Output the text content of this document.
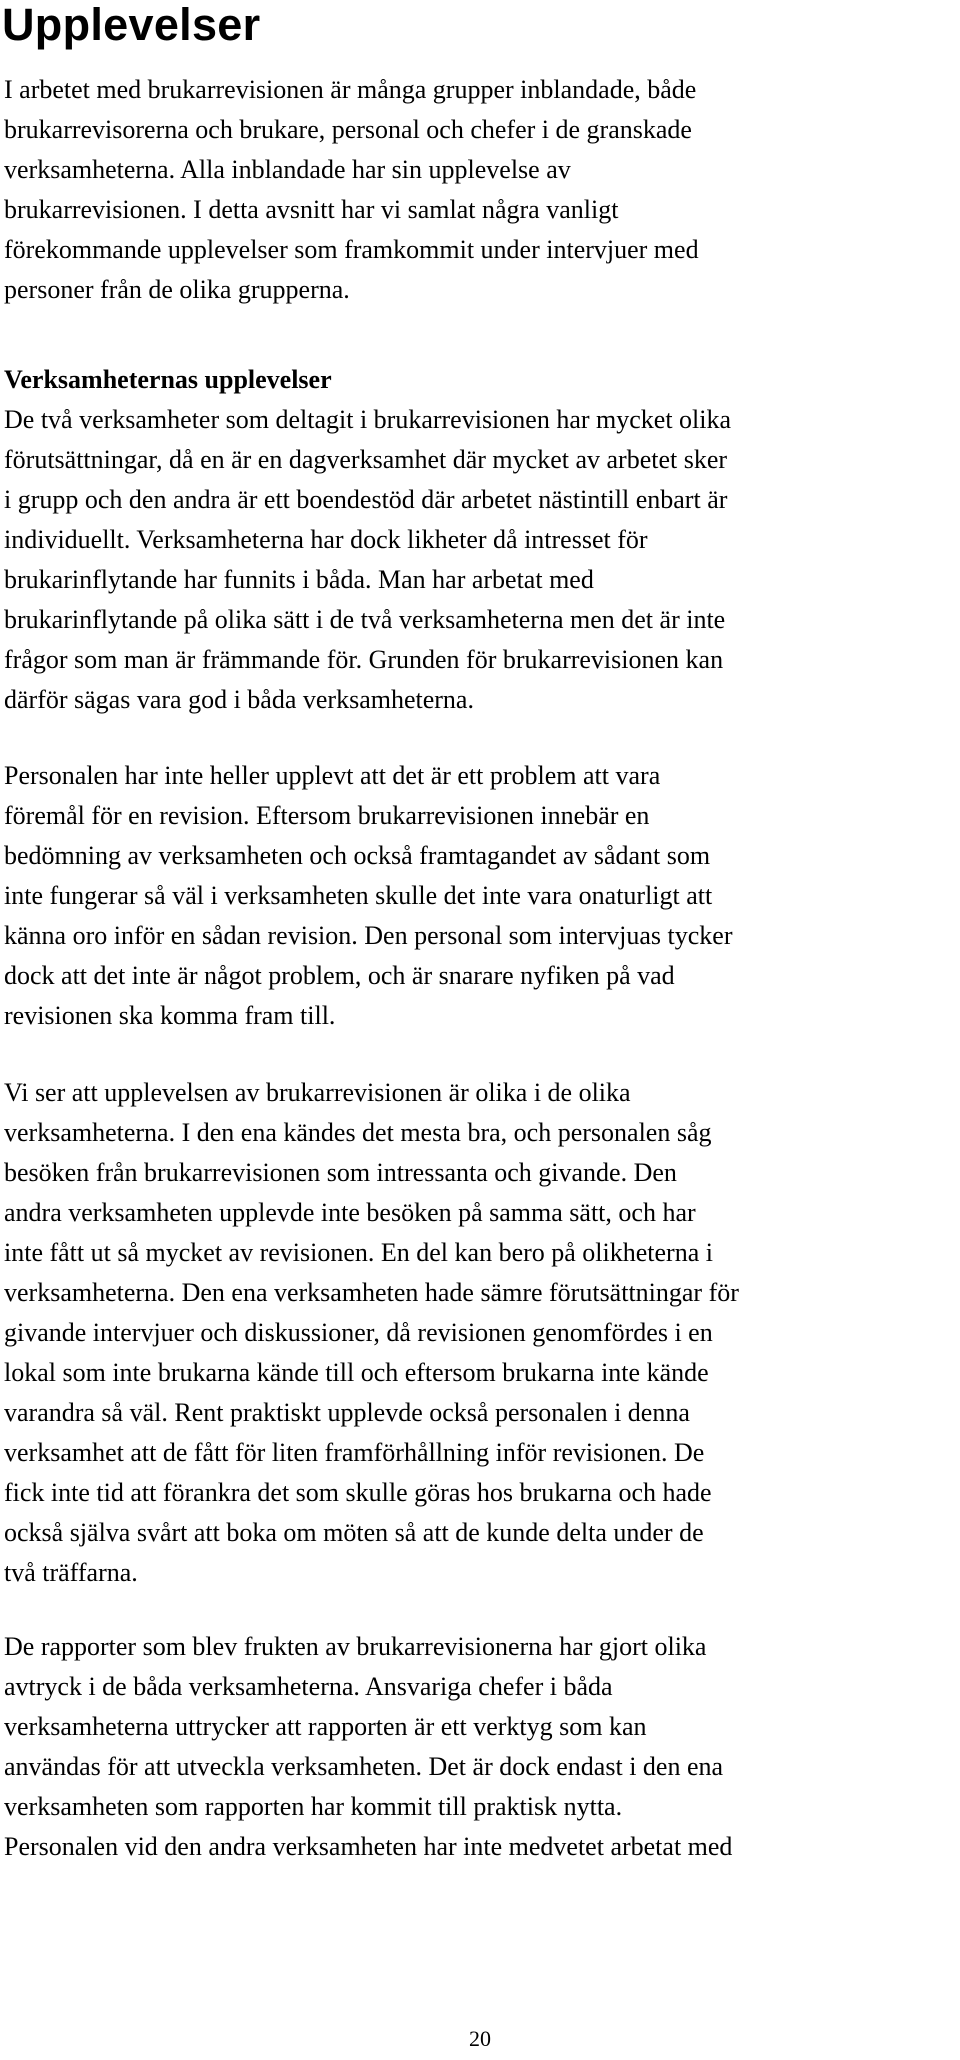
Upplevelser
I arbetet med brukarrevisionen är många grupper inblandade, både
brukarrevisorerna och brukare, personal och chefer i de granskade
verksamheterna. Alla inblandade har sin upplevelse av
brukarrevisionen. I detta avsnitt har vi samlat några vanligt
förekommande upplevelser som framkommit under intervjuer med
personer från de olika grupperna.
Verksamheternas upplevelser
De två verksamheter som deltagit i brukarrevisionen har mycket olika
förutsättningar, då en är en dagverksamhet där mycket av arbetet sker
i grupp och den andra är ett boendestöd där arbetet nästintill enbart är
individuellt. Verksamheterna har dock likheter då intresset för
brukarinflytande har funnits i båda. Man har arbetat med
brukarinflytande på olika sätt i de två verksamheterna men det är inte
frågor som man är främmande för. Grunden för brukarrevisionen kan
därför sägas vara god i båda verksamheterna.
Personalen har inte heller upplevt att det är ett problem att vara
föremål för en revision. Eftersom brukarrevisionen innebär en
bedömning av verksamheten och också framtagandet av sådant som
inte fungerar så väl i verksamheten skulle det inte vara onaturligt att
känna oro inför en sådan revision. Den personal som intervjuas tycker
dock att det inte är något problem, och är snarare nyfiken på vad
revisionen ska komma fram till.
Vi ser att upplevelsen av brukarrevisionen är olika i de olika
verksamheterna. I den ena kändes det mesta bra, och personalen såg
besöken från brukarrevisionen som intressanta och givande. Den
andra verksamheten upplevde inte besöken på samma sätt, och har
inte fått ut så mycket av revisionen. En del kan bero på olikheterna i
verksamheterna. Den ena verksamheten hade sämre förutsättningar för
givande intervjuer och diskussioner, då revisionen genomfördes i en
lokal som inte brukarna kände till och eftersom brukarna inte kände
varandra så väl. Rent praktiskt upplevde också personalen i denna
verksamhet att de fått för liten framförhållning inför revisionen. De
fick inte tid att förankra det som skulle göras hos brukarna och hade
också själva svårt att boka om möten så att de kunde delta under de
två träffarna.
De rapporter som blev frukten av brukarrevisionerna har gjort olika
avtryck i de båda verksamheterna. Ansvariga chefer i båda
verksamheterna uttrycker att rapporten är ett verktyg som kan
användas för att utveckla verksamheten. Det är dock endast i den ena
verksamheten som rapporten har kommit till praktisk nytta.
Personalen vid den andra verksamheten har inte medvetet arbetat med

20
